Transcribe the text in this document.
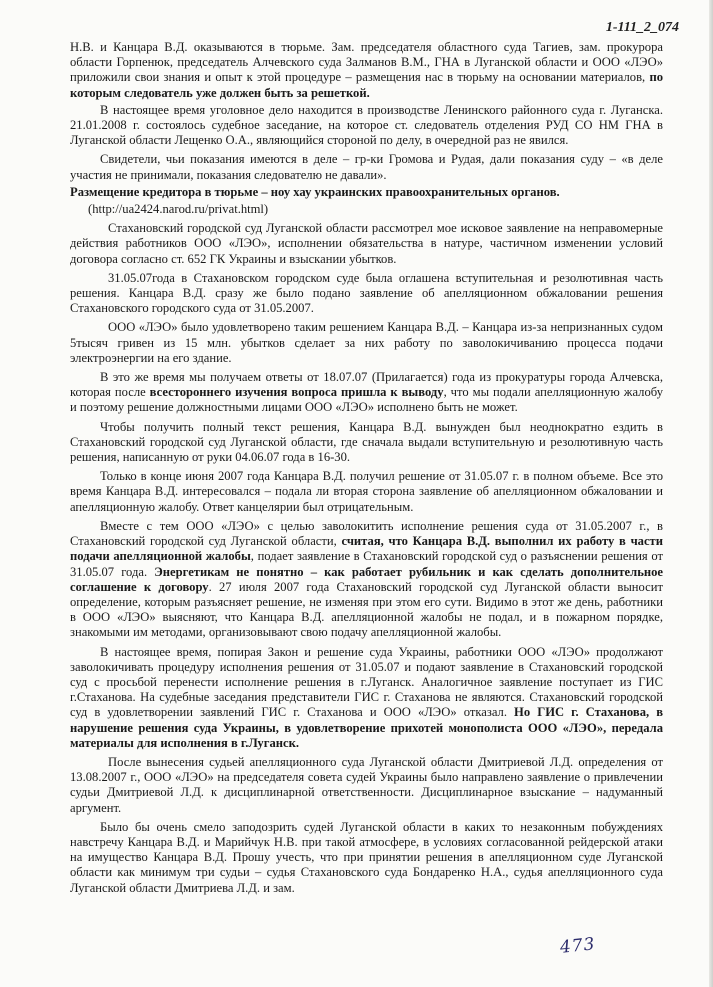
1-111_2_074

Н.В. и Канцара В.Д. оказываются в тюрьме. Зам. председателя областного суда Тагиев, зам. прокурора области Горпенюк, председатель Алчевского суда Залманов В.М., ГНА в Луганской области и ООО «ЛЭО» приложили свои знания и опыт к этой процедуре – размещения нас в тюрьму на основании материалов, по которым следователь уже должен быть за решеткой.

В настоящее время уголовное дело находится в производстве Ленинского районного суда г. Луганска. 21.01.2008 г. состоялось судебное заседание, на которое ст. следователь отделения РУД СО НМ ГНА в Луганской области Лещенко О.А., являющийся стороной по делу, в очередной раз не явился.

Свидетели, чьи показания имеются в деле – гр-ки Громова и Рудая, дали показания суду – «в деле участия не принимали, показания следователю не давали».

Размещение кредитора в тюрьме – ноу хау украинских правоохранительных органов.

(http://ua2424.narod.ru/privat.html)

Стахановский городской суд Луганской области рассмотрел мое исковое заявление на неправомерные действия работников ООО «ЛЭО», исполнении обязательства в натуре, частичном изменении условий договора согласно ст. 652 ГК Украины и взыскании убытков.

31.05.07года в Стахановском городском суде была оглашена вступительная и резолютивная часть решения. Канцара В.Д. сразу же было подано заявление об апелляционном обжаловании решения Стахановского городского суда от 31.05.2007.

ООО «ЛЭО» было удовлетворено таким решением Канцара В.Д. – Канцара из-за непризнанных судом 5тысяч гривен из 15 млн. убытков сделает за них работу по заволокичиванию процесса подачи электроэнергии на его здание.

В это же время мы получаем ответы от 18.07.07 (Прилагается) года из прокуратуры города Алчевска, которая после всестороннего изучения вопроса пришла к выводу, что мы подали апелляционную жалобу и поэтому решение должностными лицами ООО «ЛЭО» исполнено быть не может.

Чтобы получить полный текст решения, Канцара В.Д. вынужден был неоднократно ездить в Стахановский городской суд Луганской области, где сначала выдали вступительную и резолютивную часть решения, написанную от руки 04.06.07 года в 16-30.

Только в конце июня 2007 года Канцара В.Д. получил решение от 31.05.07 г. в полном объеме. Все это время Канцара В.Д. интересовался – подала ли вторая сторона заявление об апелляционном обжаловании и апелляционную жалобу. Ответ канцелярии был отрицательным.

Вместе с тем ООО «ЛЭО» с целью заволокитить исполнение решения суда от 31.05.2007 г., в Стахановский городской суд Луганской области, считая, что Канцара В.Д. выполнил их работу в части подачи апелляционной жалобы, подает заявление в Стахановский городской суд о разъяснении решения от 31.05.07 года. Энергетикам не понятно – как работает рубильник и как сделать дополнительное соглашение к договору. 27 июля 2007 года Стахановский городской суд Луганской области выносит определение, которым разъясняет решение, не изменяя при этом его сути. Видимо в этот же день, работники в ООО «ЛЭО» выясняют, что Канцара В.Д. апелляционной жалобы не подал, и в пожарном порядке, знакомыми им методами, организовывают свою подачу апелляционной жалобы.

В настоящее время, попирая Закон и решение суда Украины, работники ООО «ЛЭО» продолжают заволокичивать процедуру исполнения решения от 31.05.07 и подают заявление в Стахановский городской суд с просьбой перенести исполнение решения в г.Луганск. Аналогичное заявление поступает из ГИС г.Стаханова. На судебные заседания представители ГИС г. Стаханова не являются. Стахановский городской суд в удовлетворении заявлений ГИС г. Стаханова и ООО «ЛЭО» отказал. Но ГИС г. Стаханова, в нарушение решения суда Украины, в удовлетворение прихотей монополиста ООО «ЛЭО», передала материалы для исполнения в г.Луганск.

После вынесения судьей апелляционного суда Луганской области Дмитриевой Л.Д. определения от 13.08.2007 г., ООО «ЛЭО» на председателя совета судей Украины было направлено заявление о привлечении судьи Дмитриевой Л.Д. к дисциплинарной ответственности. Дисциплинарное взыскание – надуманный аргумент.

Было бы очень смело заподозрить судей Луганской области в каких то незаконным побуждениях навстречу Канцара В.Д. и Марийчук Н.В. при такой атмосфере, в условиях согласованной рейдерской атаки на имущество Канцара В.Д. Прошу учесть, что при принятии решения в апелляционном суде Луганской области как минимум три судьи – судья Стахановского суда Бондаренко Н.А., судья апелляционного суда Луганской области Дмитриева Л.Д. и зам.

473
